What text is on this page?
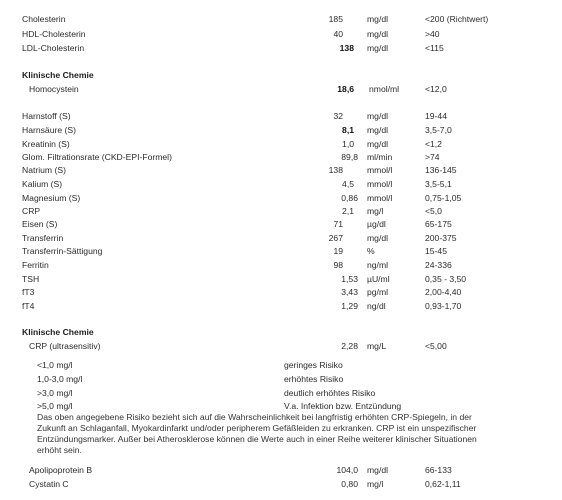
Cholesterin	185	mg/dl	<200 (Richtwert)
HDL-Cholesterin	40	mg/dl	>40
LDL-Cholesterin	138 mg/dl	<115
Klinische Chemie
Homocystein	18,6 nmol/ml	<12,0
Harnstoff (S)	32	mg/dl	19-44
Harnsäure (S)	8,1 mg/dl	3,5-7,0
Kreatinin (S)	1,0 mg/dl	<1,2
Glom. Filtrationsrate (CKD-EPI-Formel)	89,8 ml/min	>74
Natrium (S)	138	mmol/l	136-145
Kalium (S)	4,5 mmol/l	3,5-5,1
Magnesium (S)	0,86 mmol/l	0,75-1,05
CRP	2,1 mg/l	<5,0
Eisen (S)	71	µg/dl	65-175
Transferrin	267	mg/dl	200-375
Transferrin-Sättigung	19	%	15-45
Ferritin	98	ng/ml	24-336
TSH	1,53 µU/ml	0,35 - 3,50
fT3	3,43 pg/ml	2,00-4,40
fT4	1,29 ng/dl	0,93-1,70
Klinische Chemie
CRP (ultrasensitiv)	2,28 mg/L	<5,00
<1,0 mg/l	geringes Risiko
1,0-3,0 mg/l	erhöhtes Risiko
>3,0 mg/l	deutlich erhöhtes Risiko
>5,0 mg/l	V.a. Infektion bzw. Entzündung
Das oben angegebene Risiko bezieht sich auf die Wahrscheinlichkeit bei langfristig erhöhten CRP-Spiegeln, in der
Zukunft an Schlaganfall, Myokardinfarkt und/oder peripherem Gefäßleiden zu erkranken. CRP ist ein unspezifischer
Entzündungsmarker. Außer bei Atherosklerose können die Werte auch in einer Reihe weiterer klinischer Situationen
erhöht sein.
Apolipoprotein B	104,0 mg/dl	66-133
Cystatin C	0,80 mg/l	0,62-1,11
